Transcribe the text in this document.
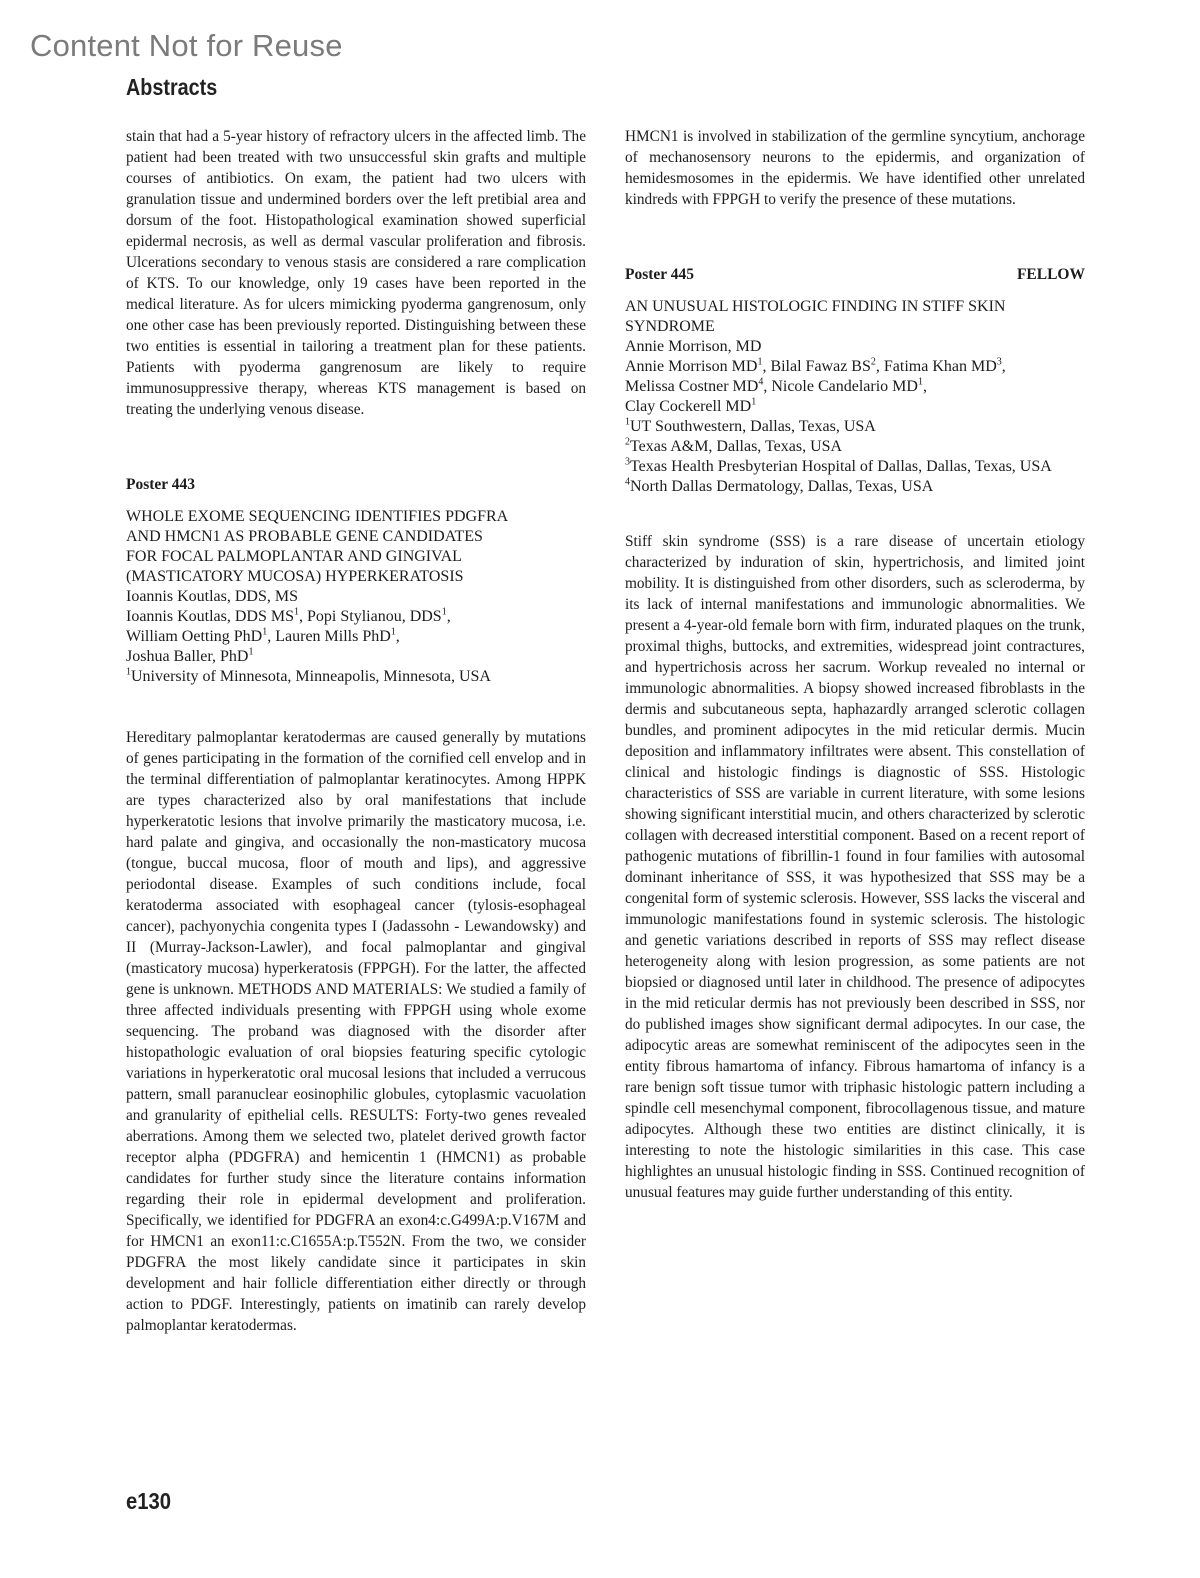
Content Not for Reuse
Abstracts

stain that had a 5-year history of refractory ulcers in the affected limb. The patient had been treated with two unsuccessful skin grafts and multiple courses of antibiotics. On exam, the patient had two ulcers with granulation tissue and undermined borders over the left pretibial area and dorsum of the foot. Histopathological examination showed superficial epidermal necrosis, as well as dermal vascular proliferation and fibrosis. Ulcerations secondary to venous stasis are considered a rare complication of KTS. To our knowledge, only 19 cases have been reported in the medical literature. As for ulcers mimicking pyoderma gangrenosum, only one other case has been previously reported. Distinguishing between these two entities is essential in tailoring a treatment plan for these patients. Patients with pyoderma gangrenosum are likely to require immunosuppressive therapy, whereas KTS management is based on treating the underlying venous disease.

Poster 443
WHOLE EXOME SEQUENCING IDENTIFIES PDGFRA
AND HMCN1 AS PROBABLE GENE CANDIDATES
FOR FOCAL PALMOPLANTAR AND GINGIVAL
(MASTICATORY MUCOSA) HYPERKERATOSIS
Ioannis Koutlas, DDS, MS
Ioannis Koutlas, DDS $MS^1$, Popi Stylianou, DDS$^1$,
William Oetting PhD$^1$, Lauren Mills PhD$^1$,
Joshua Baller, PhD$^1$
$^1$University of Minnesota, Minneapolis, Minnesota, USA

Hereditary palmoplantar keratodermas are caused generally by mutations of genes participating in the formation of the cornified cell envelop and in the terminal differentiation of palmoplantar keratinocytes. Among HPPK are types characterized also by oral manifestations that include hyperkeratotic lesions that involve primarily the masticatory mucosa, i.e. hard palate and gingiva, and occasionally the non-masticatory mucosa (tongue, buccal mucosa, floor of mouth and lips), and aggressive periodontal disease. Examples of such conditions include, focal keratoderma associated with esophageal cancer (tylosis-esophageal cancer), pachyonychia congenita types I (Jadassohn - Lewandowsky) and II (Murray-Jackson-Lawler), and focal palmoplantar and gingival (masticatory mucosa) hyperkeratosis (FPPGH). For the latter, the affected gene is unknown. METHODS AND MATERIALS: We studied a family of three affected individuals presenting with FPPGH using whole exome sequencing. The proband was diagnosed with the disorder after histopathologic evaluation of oral biopsies featuring specific cytologic variations in hyperkeratotic oral mucosal lesions that included a verrucous pattern, small paranuclear eosinophilic globules, cytoplasmic vacuolation and granularity of epithelial cells. RESULTS: Forty-two genes revealed aberrations. Among them we selected two, platelet derived growth factor receptor alpha (PDGFRA) and hemicentin 1 (HMCN1) as probable candidates for further study since the literature contains information regarding their role in epidermal development and proliferation. Specifically, we identified for PDGFRA an exon4:c.G499A:p.V167M and for HMCN1 an exon11:c.C1655A:p.T552N. From the two, we consider PDGFRA the most likely candidate since it participates in skin development and hair follicle differentiation either directly or through action to PDGF. Interestingly, patients on imatinib can rarely develop palmoplantar keratodermas.

HMCN1 is involved in stabilization of the germline syncytium, anchorage of mechanosensory neurons to the epidermis, and organization of hemidesmosomes in the epidermis. We have identified other unrelated kindreds with FPPGH to verify the presence of these mutations.

Poster 445	FELLOW
AN UNUSUAL HISTOLOGIC FINDING IN STIFF SKIN
SYNDROME
Annie Morrison, MD
Annie Morrison $MD^1$, Bilal Fawaz $BS^2$, Fatima Khan $MD^3$,
Melissa Costner $MD^4$, Nicole Candelario $MD^1$,
Clay Cockerell $MD^1$
$^1$UT Southwestern, Dallas, Texas, USA
$^2$Texas A&M, Dallas, Texas, USA
$^3$Texas Health Presbyterian Hospital of Dallas, Dallas, Texas, USA
$^4$North Dallas Dermatology, Dallas, Texas, USA

Stiff skin syndrome (SSS) is a rare disease of uncertain etiology characterized by induration of skin, hypertrichosis, and limited joint mobility. It is distinguished from other disorders, such as scleroderma, by its lack of internal manifestations and immunologic abnormalities. We present a 4-year-old female born with firm, indurated plaques on the trunk, proximal thighs, buttocks, and extremities, widespread joint contractures, and hypertrichosis across her sacrum. Workup revealed no internal or immunologic abnormalities. A biopsy showed increased fibroblasts in the dermis and subcutaneous septa, haphazardly arranged sclerotic collagen bundles, and prominent adipocytes in the mid reticular dermis. Mucin deposition and inflammatory infiltrates were absent. This constellation of clinical and histologic findings is diagnostic of SSS. Histologic characteristics of SSS are variable in current literature, with some lesions showing significant interstitial mucin, and others characterized by sclerotic collagen with decreased interstitial component. Based on a recent report of pathogenic mutations of fibrillin-1 found in four families with autosomal dominant inheritance of SSS, it was hypothesized that SSS may be a congenital form of systemic sclerosis. However, SSS lacks the visceral and immunologic manifestations found in systemic sclerosis. The histologic and genetic variations described in reports of SSS may reflect disease heterogeneity along with lesion progression, as some patients are not biopsied or diagnosed until later in childhood. The presence of adipocytes in the mid reticular dermis has not previously been described in SSS, nor do published images show significant dermal adipocytes. In our case, the adipocytic areas are somewhat reminiscent of the adipocytes seen in the entity fibrous hamartoma of infancy. Fibrous hamartoma of infancy is a rare benign soft tissue tumor with triphasic histologic pattern including a spindle cell mesenchymal component, fibrocollagenous tissue, and mature adipocytes. Although these two entities are distinct clinically, it is interesting to note the histologic similarities in this case. This case highlightes an unusual histologic finding in SSS. Continued recognition of unusual features may guide further understanding of this entity.

e130
